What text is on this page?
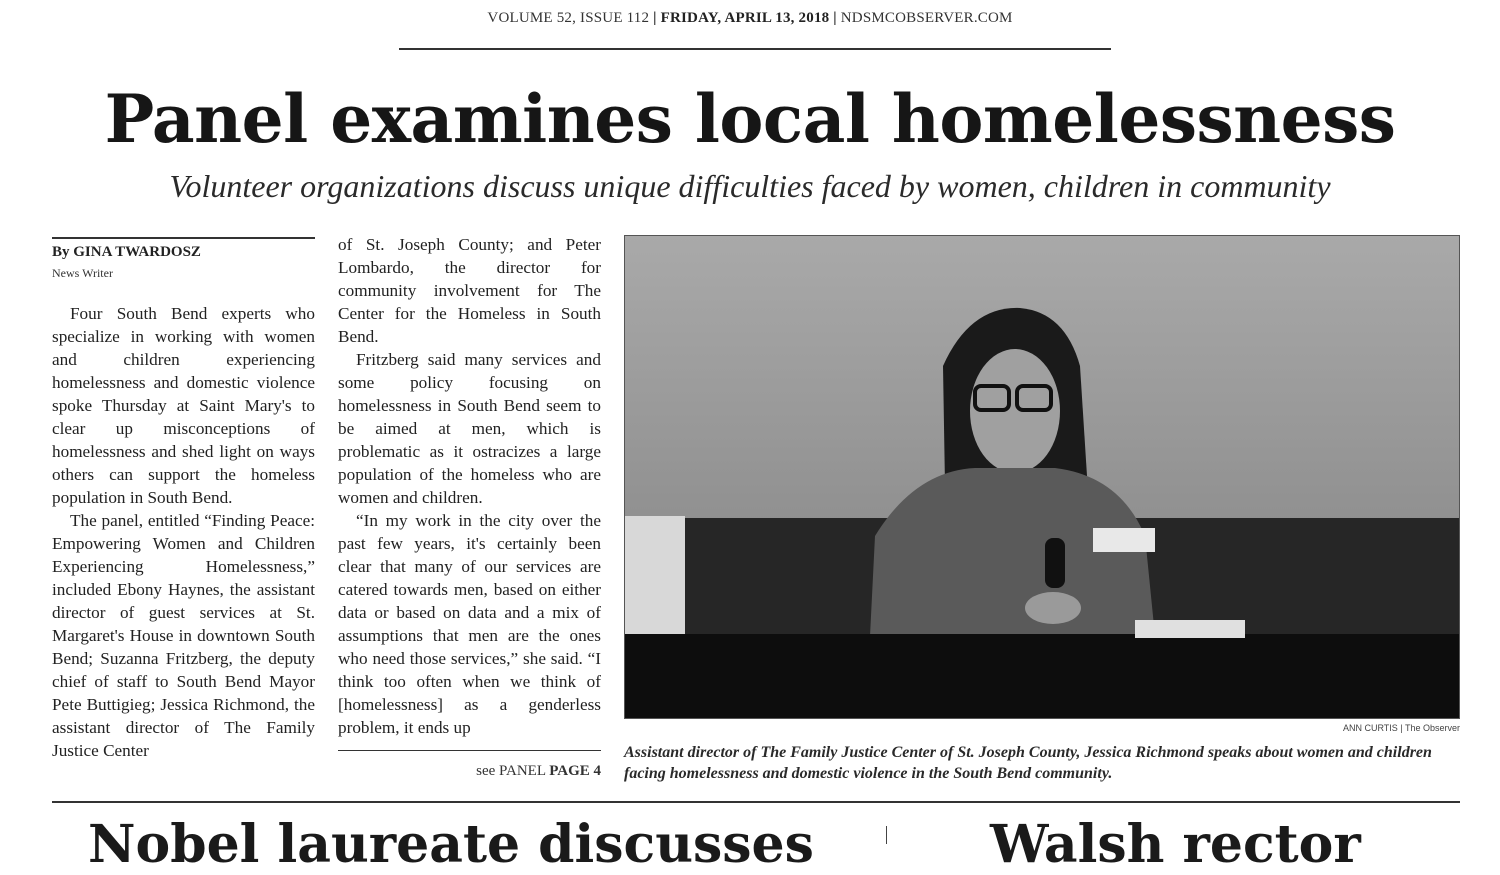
VOLUME 52, ISSUE 112 | FRIDAY, APRIL 13, 2018 | NDSMCOBSERVER.COM
Panel examines local homelessness
Volunteer organizations discuss unique difficulties faced by women, children in community
By GINA TWARDOSZ
News Writer

Four South Bend experts who specialize in working with women and children experiencing homelessness and domestic violence spoke Thursday at Saint Mary's to clear up misconceptions of homelessness and shed light on ways others can support the homeless population in South Bend.

The panel, entitled “Finding Peace: Empowering Women and Children Experiencing Homelessness,” included Ebony Haynes, the assistant director of guest services at St. Margaret's House in downtown South Bend; Suzanna Fritzberg, the deputy chief of staff to South Bend Mayor Pete Buttigieg; Jessica Richmond, the assistant director of The Family Justice Center

of St. Joseph County; and Peter Lombardo, the director for community involvement for The Center for the Homeless in South Bend.

Fritzberg said many services and some policy focusing on homelessness in South Bend seem to be aimed at men, which is problematic as it ostracizes a large population of the homeless who are women and children.

“In my work in the city over the past few years, it's certainly been clear that many of our services are catered towards men, based on either data or based on data and a mix of assumptions that men are the ones who need those services,” she said. “I think too often when we think of [homelessness] as a genderless problem, it ends up

see PANEL PAGE 4
ANN CURTIS | The Observer
Assistant director of The Family Justice Center of St. Joseph County, Jessica Richmond speaks about women and children facing homelessness and domestic violence in the South Bend community.
Nobel laureate discusses	Walsh rector
